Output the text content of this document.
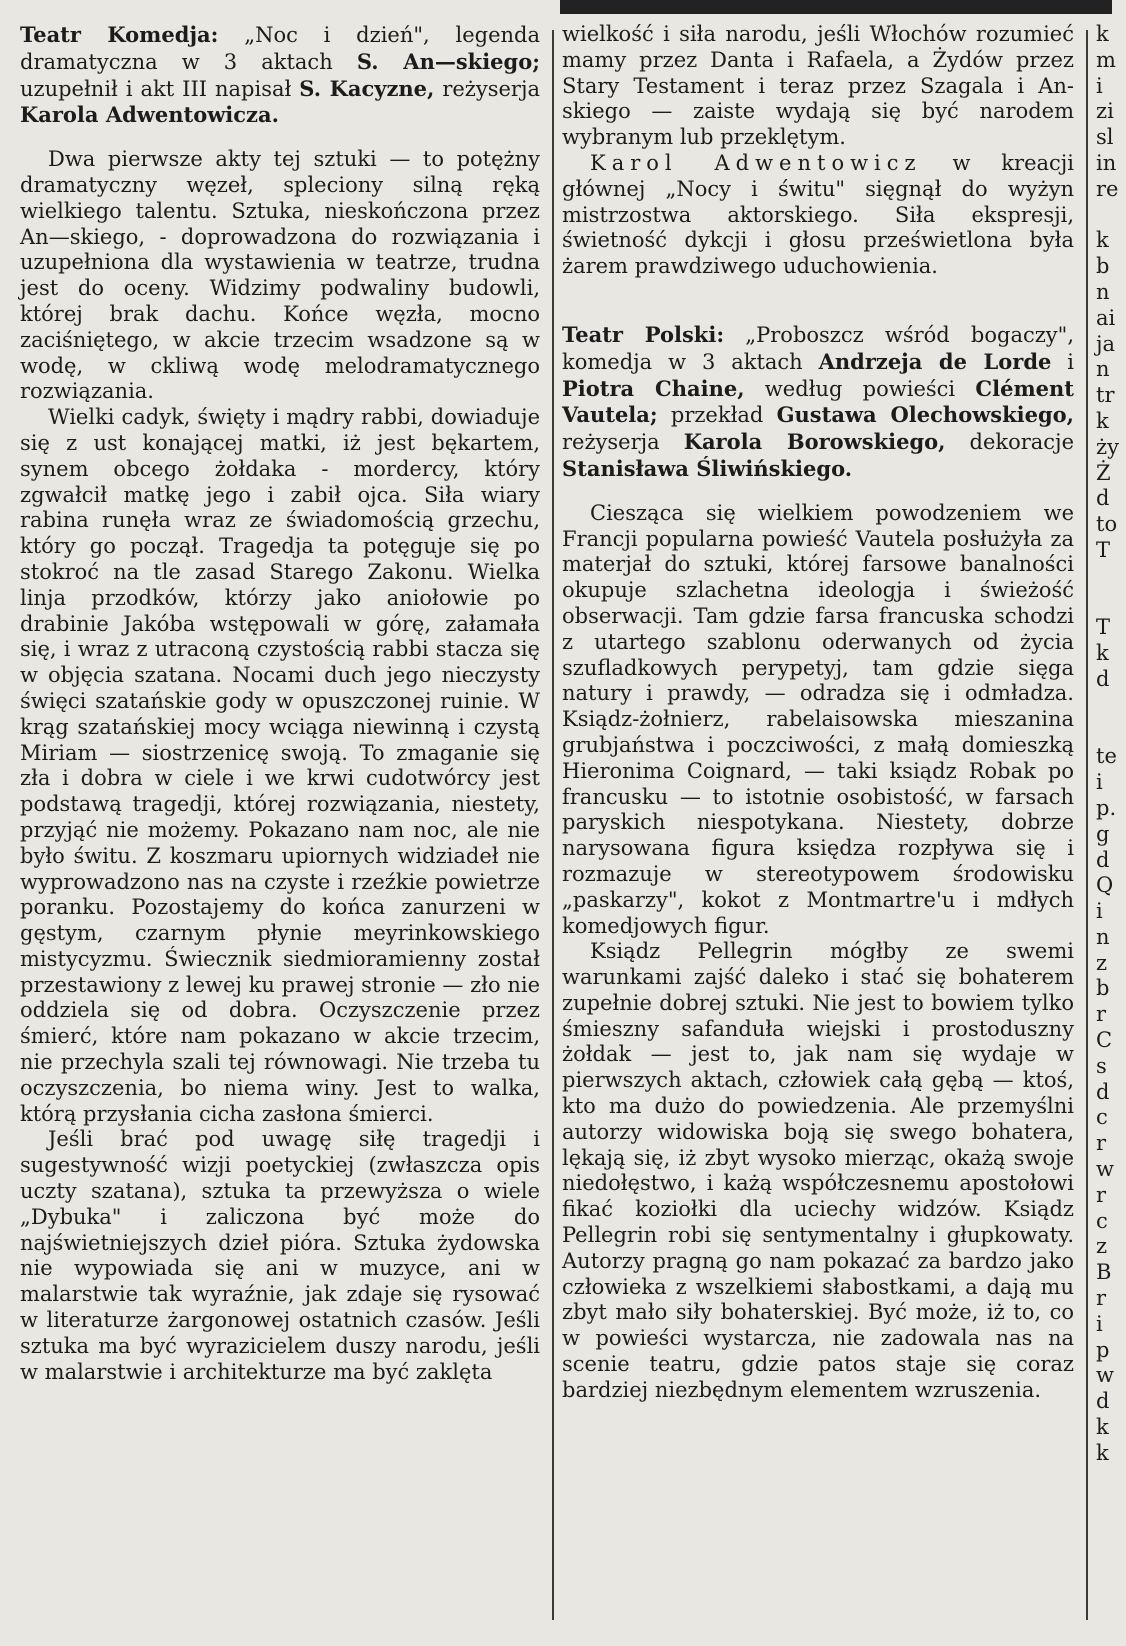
Teatr Komedja: „Noc i dzień", legenda dramatyczna w 3 aktach S. An—skiego; uzupełnił i akt III napisał S. Kacyzne, reżyserja Karola Adwentowicza.

Dwa pierwsze akty tej sztuki — to potężny dramatyczny węzeł, spleciony silną ręką wielkiego talentu. Sztuka, nieskończona przez An—skiego, - doprowadzona do rozwiązania i uzupełniona dla wystawienia w teatrze, trudna jest do oceny. Widzimy podwaliny budowli, której brak dachu. Końce węzła, mocno zaciśniętego, w akcie trzecim wsadzone są w wodę, w ckliwą wodę melodramatycznego rozwiązania.

Wielki cadyk, święty i mądry rabbi, dowiaduje się z ust konającej matki, iż jest bękartem, synem obcego żołdaka - mordercy, który zgwałcił matkę jego i zabił ojca. Siła wiary rabina runęła wraz ze świadomością grzechu, który go począł. Tragedja ta potęguje się po stokroć na tle zasad Starego Zakonu. Wielka linja przodków, którzy jako aniołowie po drabinie Jakóba wstępowali w górę, załamała się, i wraz z utraconą czystością rabbi stacza się w objęcia szatana. Nocami duch jego nieczysty święci szatańskie gody w opuszczonej ruinie. W krąg szatańskiej mocy wciąga niewinną i czystą Miriam — siostrzenicę swoją. To zmaganie się zła i dobra w ciele i we krwi cudotwórcy jest podstawą tragedji, której rozwiązania, niestety, przyjąć nie możemy. Pokazano nam noc, ale nie było świtu. Z koszmaru upiornych widziadeł nie wyprowadzono nas na czyste i rzeźkie powietrze poranku. Pozostajemy do końca zanurzeni w gęstym, czarnym płynie meyrinkowskiego mistycyzmu. Świecznik siedmioramienny został przestawiony z lewej ku prawej stronie — zło nie oddziela się od dobra. Oczyszczenie przez śmierć, które nam pokazano w akcie trzecim, nie przechyla szali tej równowagi. Nie trzeba tu oczyszczenia, bo niema winy. Jest to walka, którą przysłania cicha zasłona śmierci.

Jeśli brać pod uwagę siłę tragedji i sugestywność wizji poetyckiej (zwłaszcza opis uczty szatana), sztuka ta przewyższa o wiele „Dybuka" i zaliczona być może do najświetniejszych dzieł pióra. Sztuka żydowska nie wypowiada się ani w muzyce, ani w malarstwie tak wyraźnie, jak zdaje się rysować w literaturze żargonowej ostatnich czasów. Jeśli sztuka ma być wyrazicielem duszy narodu, jeśli w malarstwie i architekturze ma być zaklęta

wielkość i siła narodu, jeśli Włochów rozumieć mamy przez Danta i Rafaela, a Żydów przez Stary Testament i teraz przez Szagala i An-skiego — zaiste wydają się być narodem wybranym lub przeklętym.

Karol Adwentowicz w kreacji głównej „Nocy i świtu" sięgnął do wyżyn mistrzostwa aktorskiego. Siła ekspresji, świetność dykcji i głosu prześwietlona była żarem prawdziwego uduchowienia.

Teatr Polski: „Proboszcz wśród bogaczy", komedja w 3 aktach Andrzeja de Lorde i Piotra Chaine, według powieści Clément Vautela; przekład Gustawa Olechowskiego, reżyserja Karola Borowskiego, dekoracje Stanisława Śliwińskiego.

Ciesząca się wielkiem powodzeniem we Francji popularna powieść Vautela posłużyła za materjał do sztuki, której farsowe banalności okupuje szlachetna ideologja i świeżość obserwacji. Tam gdzie farsa francuska schodzi z utartego szablonu oderwanych od życia szufladkowych perypetyj, tam gdzie sięga natury i prawdy, — odradza się i odmładza. Ksiądz-żołnierz, rabelaisowska mieszanina grubjaństwa i poczciwości, z małą domieszką Hieronima Coignard, — taki ksiądz Robak po francusku — to istotnie osobistość, w farsach paryskich niespotykana. Niestety, dobrze narysowana figura księdza rozpływa się i rozmazuje w stereotypowem środowisku „paskarzy", kokot z Montmartre'u i mdłych komedjowych figur.

Ksiądz Pellegrin mógłby ze swemi warunkami zajść daleko i stać się bohaterem zupełnie dobrej sztuki. Nie jest to bowiem tylko śmieszny safanduła wiejski i prostoduszny żołdak — jest to, jak nam się wydaje w pierwszych aktach, człowiek całą gębą — ktoś, kto ma dużo do powiedzenia. Ale przemyślni autorzy widowiska boją się swego bohatera, lękają się, iż zbyt wysoko mierząc, okażą swoje niedołęstwo, i każą współczesnemu apostołowi fikać koziołki dla uciechy widzów. Ksiądz Pellegrin robi się sentymentalny i głupkowaty. Autorzy pragną go nam pokazać za bardzo jako człowieka z wszelkiemi słabostkami, a dają mu zbyt mało siły bohaterskiej. Być może, iż to, co w powieści wystarcza, nie zadowala nas na scenie teatru, gdzie patos staje się coraz bardziej niezbędnym elementem wzruszenia.

k
m
i
zi
sl
in
re

k
b
n
ai
ja
n
tr
k
ży
Ż
d
to
T

T
k
d

te
i
p.
g
d
Q
i
n
z
b
r
C
s
d
c
r
w
r
c
z
B
r
i
p
w
d
k
k
